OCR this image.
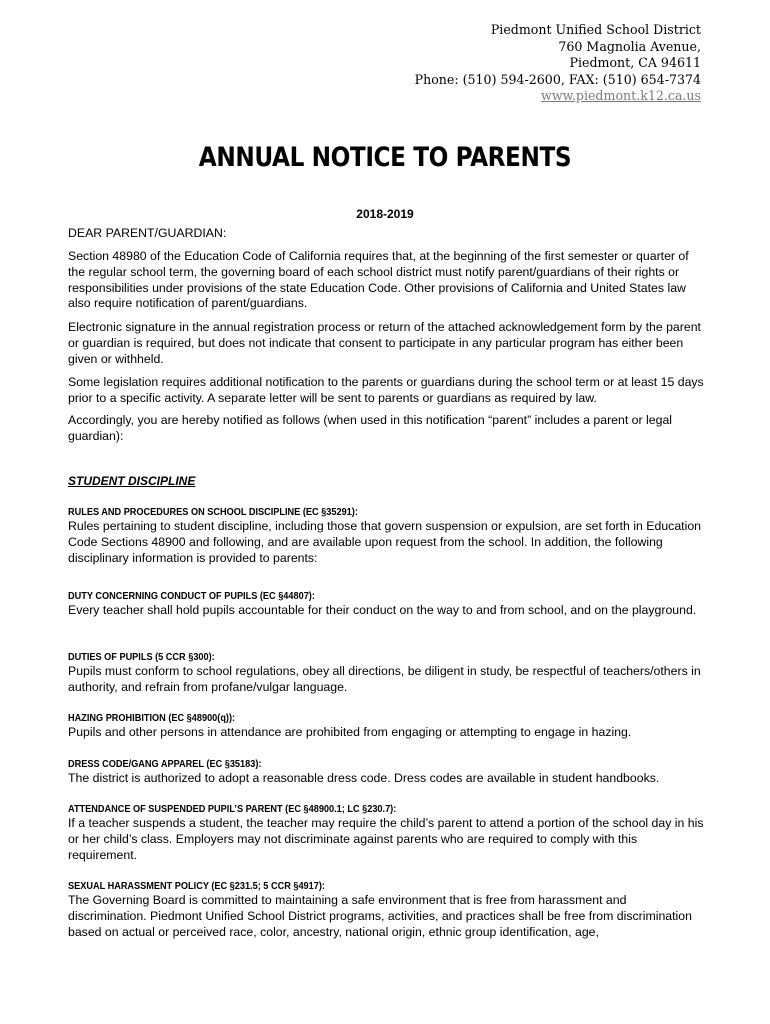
Piedmont Unified School District
760 Magnolia Avenue,
Piedmont, CA 94611
Phone: (510) 594-2600, FAX: (510) 654-7374
www.piedmont.k12.ca.us
ANNUAL NOTICE TO PARENTS
2018-2019

DEAR PARENT/GUARDIAN:

Section 48980 of the Education Code of California requires that, at the beginning of the first semester or quarter of the regular school term, the governing board of each school district must notify parent/guardians of their rights or responsibilities under provisions of the state Education Code. Other provisions of California and United States law also require notification of parent/guardians.

Electronic signature in the annual registration process or return of the attached acknowledgement form by the parent or guardian is required, but does not indicate that consent to participate in any particular program has either been given or withheld.

Some legislation requires additional notification to the parents or guardians during the school term or at least 15 days prior to a specific activity. A separate letter will be sent to parents or guardians as required by law.

Accordingly, you are hereby notified as follows (when used in this notification “parent” includes a parent or legal guardian):

STUDENT DISCIPLINE
RULES AND PROCEDURES ON SCHOOL DISCIPLINE (EC §35291):

Rules pertaining to student discipline, including those that govern suspension or expulsion, are set forth in Education Code Sections 48900 and following, and are available upon request from the school. In addition, the following disciplinary information is provided to parents:

DUTY CONCERNING CONDUCT OF PUPILS (EC §44807):

Every teacher shall hold pupils accountable for their conduct on the way to and from school, and on the playground.

DUTIES OF PUPILS (5 CCR §300):

Pupils must conform to school regulations, obey all directions, be diligent in study, be respectful of teachers/others in authority, and refrain from profane/vulgar language.

HAZING PROHIBITION (EC §48900(q)):

Pupils and other persons in attendance are prohibited from engaging or attempting to engage in hazing.

DRESS CODE/GANG APPAREL (EC §35183):

The district is authorized to adopt a reasonable dress code. Dress codes are available in student handbooks.

ATTENDANCE OF SUSPENDED PUPIL’S PARENT (EC §48900.1; LC §230.7):

If a teacher suspends a student, the teacher may require the child’s parent to attend a portion of the school day in his or her child’s class. Employers may not discriminate against parents who are required to comply with this requirement.

SEXUAL HARASSMENT POLICY (EC §231.5; 5 CCR §4917):

The Governing Board is committed to maintaining a safe environment that is free from harassment and discrimination. Piedmont Unified School District programs, activities, and practices shall be free from discrimination based on actual or perceived race, color, ancestry, national origin, ethnic group identification, age,
